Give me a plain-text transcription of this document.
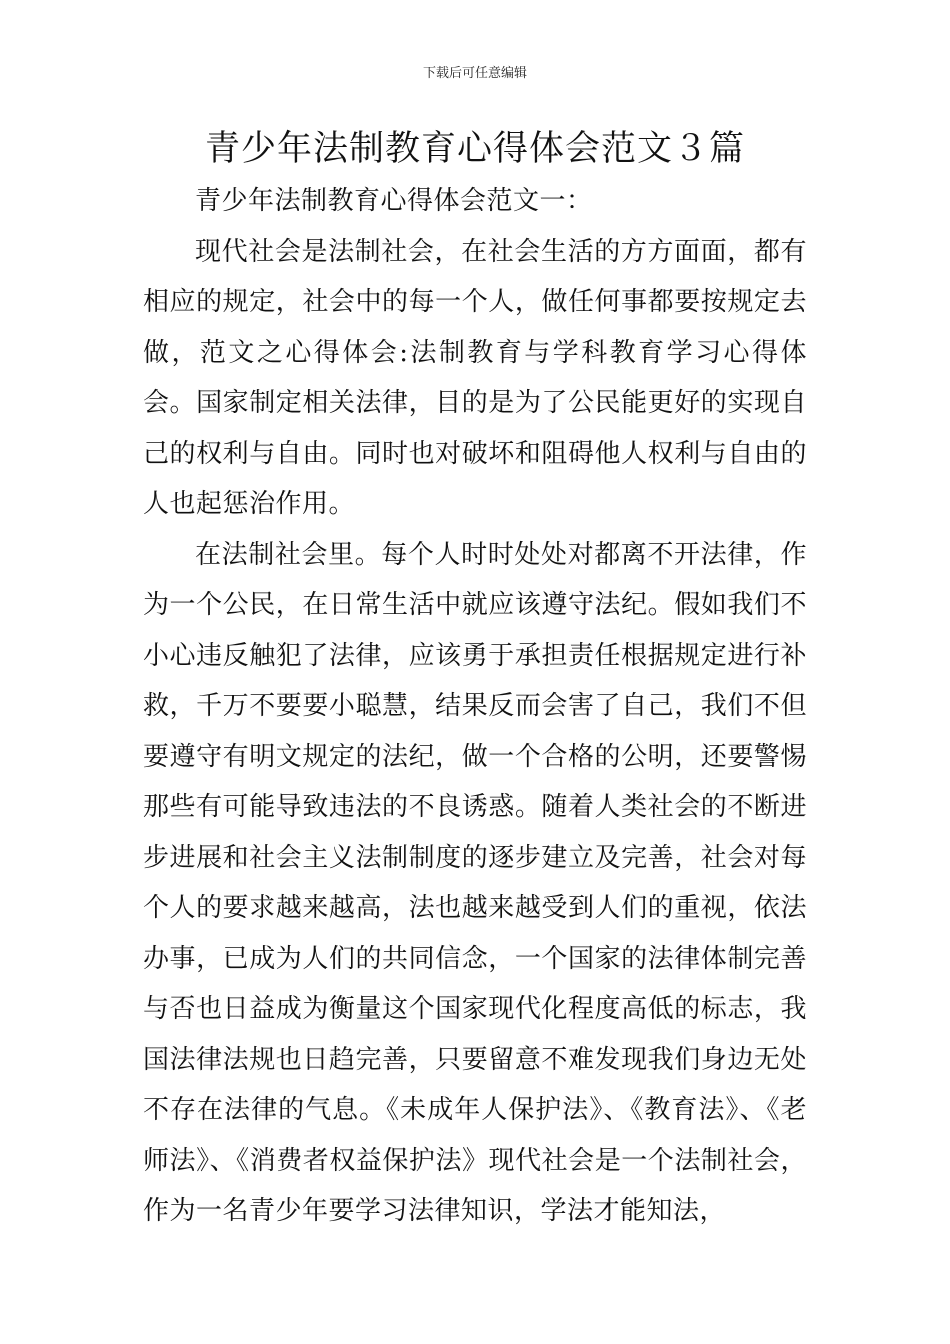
下载后可任意编辑
青少年法制教育心得体会范文３篇

青少年法制教育心得体会范文一：

现代社会是法制社会，在社会生活的方方面面，都有相应的规定，社会中的每一个人，做任何事都要按规定去做，范文之心得体会:法制教育与学科教育学习心得体会。国家制定相关法律，目的是为了公民能更好的实现自己的权利与自由。同时也对破坏和阻碍他人权利与自由的人也起惩治作用。

在法制社会里。每个人时时处处对都离不开法律，作为一个公民，在日常生活中就应该遵守法纪。假如我们不小心违反触犯了法律，应该勇于承担责任根据规定进行补救，千万不要要小聪慧，结果反而会害了自己，我们不但要遵守有明文规定的法纪，做一个合格的公明，还要警惕那些有可能导致违法的不良诱惑。随着人类社会的不断进步进展和社会主义法制制度的逐步建立及完善，社会对每个人的要求越来越高，法也越来越受到人们的重视，依法办事，已成为人们的共同信念，一个国家的法律体制完善与否也日益成为衡量这个国家现代化程度高低的标志，我国法律法规也日趋完善，只要留意不难发现我们身边无处不存在法律的气息。《未成年人保护法》、《教育法》、《老师法》、《消费者权益保护法》现代社会是一个法制社会，作为一名青少年要学习法律知识，学法才能知法，
